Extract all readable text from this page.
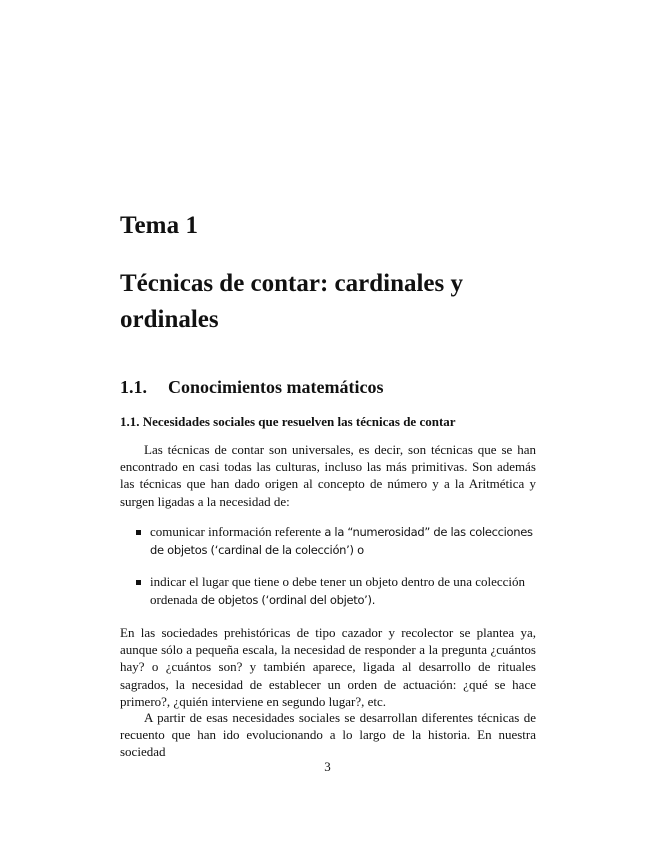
Tema 1
Técnicas de contar: cardinales y ordinales
1.1. Conocimientos matemáticos
1.1. Necesidades sociales que resuelven las técnicas de contar

Las técnicas de contar son universales, es decir, son técnicas que se han encontrado en casi todas las culturas, incluso las más primitivas. Son además las técnicas que han dado origen al concepto de número y a la Aritmética y surgen ligadas a la necesidad de:

comunicar información referente a la “numerosidad” de las colecciones de objetos (‘cardinal de la colección’) o
indicar el lugar que tiene o debe tener un objeto dentro de una colección ordenada de objetos (‘ordinal del objeto’).

En las sociedades prehistóricas de tipo cazador y recolector se plantea ya, aunque sólo a pequeña escala, la necesidad de responder a la pregunta ¿cuántos hay? o ¿cuántos son? y también aparece, ligada al desarrollo de rituales sagrados, la necesidad de establecer un orden de actuación: ¿qué se hace primero?, ¿quién interviene en segundo lugar?, etc.

A partir de esas necesidades sociales se desarrollan diferentes técnicas de recuento que han ido evolucionando a lo largo de la historia. En nuestra sociedad

3
